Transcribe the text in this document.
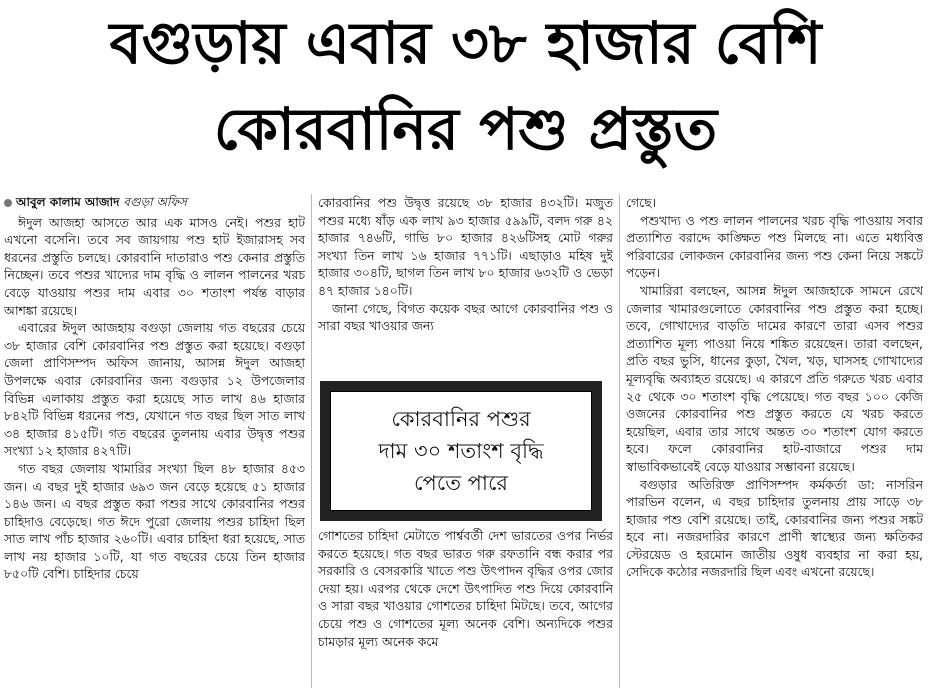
বগুড়ায় এবার ৩৮ হাজার বেশি
কোরবানির পশু প্রস্তুত
আবুল কালাম আজাদ বগুড়া অফিস

ঈদুল আজহা আসতে আর এক মাসও নেই। পশুর হাট এখনো বসেনি। তবে সব জায়গায় পশু হাট ইজারাসহ সব ধরনের প্রস্তুতি চলছে। কোরবানি দাতারাও পশু কেনার প্রস্তুতি নিচ্ছেন। তবে পশুর খাদ্যের দাম বৃদ্ধি ও লালন পালনের খরচ বেড়ে যাওয়ায় পশুর দাম এবার ৩০ শতাংশ পর্যন্ত বাড়ার আশঙ্কা রয়েছে।

এবারের ঈদুল আজহায় বগুড়া জেলায় গত বছরের চেয়ে ৩৮ হাজার বেশি কোরবানির পশু প্রস্তুত করা হয়েছে। বগুড়া জেলা প্রাণিসম্পদ অফিস জানায়, আসন্ন ঈদুল আজহা উপলক্ষে এবার কোরবানির জন্য বগুড়ার ১২ উপজেলার বিভিন্ন এলাকায় প্রস্তুত করা হয়েছে সাত লাখ ৪৬ হাজার ৮৪২টি বিভিন্ন ধরনের পশু, যেখানে গত বছর ছিল সাত লাখ ৩৪ হাজার ৪১৫টি। গত বছরের তুলনায় এবার উদ্বৃত্ত পশুর সংখ্যা ১২ হাজার ৪২৭টি।

গত বছর জেলায় খামারির সংখ্যা ছিল ৪৮ হাজার ৪৫৩ জন। এ বছর দুই হাজার ৬৯৩ জন বেড়ে হয়েছে ৫১ হাজার ১৪৬ জন। এ বছর প্রস্তুত করা পশুর সাথে কোরবানির পশুর চাহিদাও বেড়েছে। গত ঈদে পুরো জেলায় পশুর চাহিদা ছিল সাত লাখ পাঁচ হাজার ২৬০টি। এবার চাহিদা ধরা হয়েছে, সাত লাখ নয় হাজার ১০টি, যা গত বছরের চেয়ে তিন হাজার ৮৫০টি বেশি। চাহিদার চেয়ে

কোরবানির পশু উদ্বৃত্ত রয়েছে ৩৮ হাজার ৪৩২টি। মজুত পশুর মধ্যে ষাঁড় এক লাখ ৯৩ হাজার ৫৯৯টি, বলদ গরু ৪২ হাজার ৭৪৬টি, গাভি ৮০ হাজার ৪২৬টিসহ মোট গরুর সংখ্যা তিন লাখ ১৬ হাজার ৭৭১টি। এছাড়াও মহিষ দুই হাজার ৩০৪টি, ছাগল তিন লাখ ৮০ হাজার ৬৩২টি ও ভেড়া ৪৭ হাজার ১৪০টি।

জানা গেছে, বিগত কয়েক বছর আগে কোরবানির পশু ও সারা বছর খাওয়ার জন্য

কোরবানির পশুর
দাম ৩০ শতাংশ বৃদ্ধি
পেতে পারে

গোশতের চাহিদা মেটাতে পার্শ্ববর্তী দেশ ভারতের ওপর নির্ভর করতে হয়েছে। গত বছর ভারত গরু রফতানি বন্ধ করার পর সরকারি ও বেসরকারি খাতে পশু উৎপাদন বৃদ্ধির ওপর জোর দেয়া হয়। এরপর থেকে দেশে উৎপাদিত পশু দিয়ে কোরবানি ও সারা বছর খাওয়ার গোশতের চাহিদা মিটছে। তবে, আগের চেয়ে পশু ও গোশতের মূল্য অনেক বেশি। অন্যদিকে পশুর চামড়ার মূল্য অনেক কমে

গেছে।

পশুখাদ্য ও পশু লালন পালনের খরচ বৃদ্ধি পাওয়ায় সবার প্রত্যাশিত বরাদ্দে কাঙ্ক্ষিত পশু মিলছে না। এতে মধ্যবিত্ত পরিবারের লোকজন কোরবানির জন্য পশু কেনা নিয়ে সঙ্কটে পড়েন।

খামারিরা বলছেন, আসন্ন ঈদুল আজহাকে সামনে রেখে জেলার খামারগুলোতে কোরবানির পশু প্রস্তুত করা হচ্ছে। তবে, গোখাদ্যের বাড়তি দামের কারণে তারা এসব পশুর প্রত্যাশিত মূল্য পাওয়া নিয়ে শঙ্কিত রয়েছেন। তারা বলছেন, প্রতি বছর ভুসি, ধানের কুড়া, খৈল, খড়, ঘাসসহ গোখাদ্যের মূল্যবৃদ্ধি অব্যাহত রয়েছে। এ কারণে প্রতি গরুতে খরচ এবার ২৫ থেকে ৩০ শতাংশ বৃদ্ধি পেয়েছে। গত বছর ১০০ কেজি ওজনের কোরবানির পশু প্রস্তুত করতে যে খরচ করতে হয়েছিল, এবার তার সাথে অন্তত ৩০ শতাংশ যোগ করতে হবে। ফলে কোরবানির হাট-বাজারে পশুর দাম স্বাভাবিকভাবেই বেড়ে যাওয়ার সম্ভাবনা রয়েছে।

বগুড়ার অতিরিক্ত প্রাণিসম্পদ কর্মকর্তা ডা: নাসরিন পারভিন বলেন, এ বছর চাহিদার তুলনায় প্রায় সাড়ে ৩৮ হাজার পশু বেশি রয়েছে। তাই, কোরবানির জন্য পশুর সঙ্কট হবে না। নজরদারির কারণে প্রাণী স্বাস্থ্যের জন্য ক্ষতিকর স্টেরয়েড ও হরমোন জাতীয় ওষুধ ব্যবহার না করা হয়, সেদিকে কঠোর নজরদারি ছিল এবং এখনো রয়েছে।
